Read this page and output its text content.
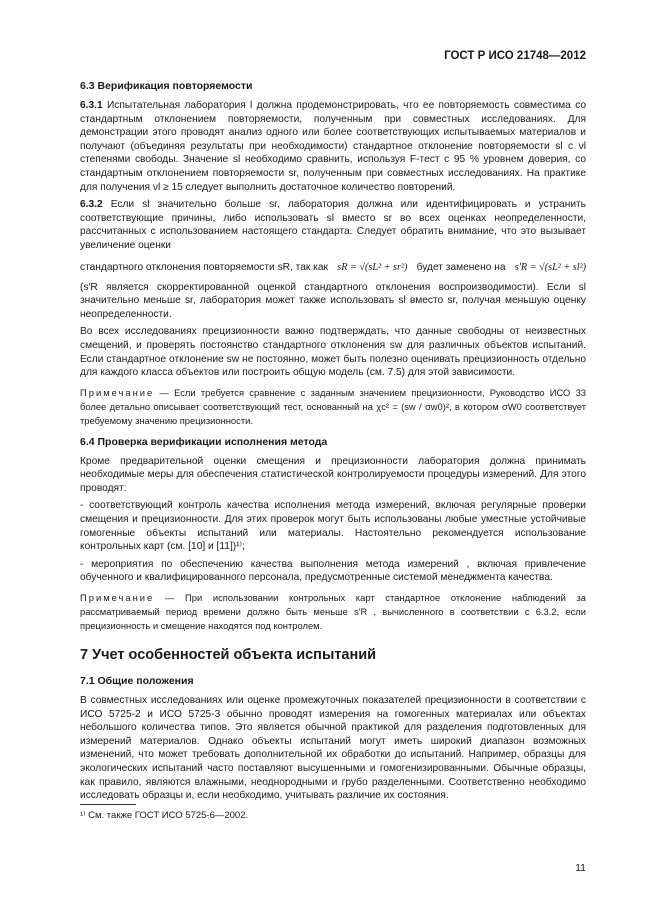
ГОСТ Р ИСО 21748—2012
6.3 Верификация повторяемости
6.3.1 Испытательная лаборатория l должна продемонстрировать, что ее повторяемость совместима со стандартным отклонением повторяемости, полученным при совместных исследованиях. Для демонстрации этого проводят анализ одного или более соответствующих испытываемых материалов и получают (объединяя результаты при необходимости) стандартное отклонение повторяемости sl с νl степенями свободы. Значение sl необходимо сравнить, используя F-тест с 95 % уровнем доверия, со стандартным отклонением повторяемости sr, полученным при совместных исследованиях. На практике для получения νl ≥ 15 следует выполнить достаточное количество повторений.
6.3.2 Если sl значительно больше sr, лаборатория должна или идентифицировать и устранить соответствующие причины, либо использовать sl вместо sr во всех оценках неопределенности, рассчитанных с использованием настоящего стандарта. Следует обратить внимание, что это вызывает увеличение оценки
стандартного отклонения повторяемости sR, так как sR = √(sL² + sr²) будет заменено на s′R = √(sL² + sl²)
(s′R является скорректированной оценкой стандартного отклонения воспроизводимости). Если sl значительно меньше sr, лаборатория может также использовать sl вместо sr, получая меньшую оценку неопределенности.
Во всех исследованиях прецизионности важно подтверждать, что данные свободны от неизвестных смещений, и проверять постоянство стандартного отклонения sw для различных объектов испытаний. Если стандартное отклонение sw не постоянно, может быть полезно оценивать прецизионность отдельно для каждого класса объектов или построить общую модель (см. 7.5) для этой зависимости.
Примечание — Если требуется сравнение с заданным значением прецизионности, Руководство ИСО 33 более детально описывает соответствующий тест, основанный на χc² = (sw / σw0)², в котором σW0 соответствует требуемому значению прецизионности.
6.4 Проверка верификации исполнения метода
Кроме предварительной оценки смещения и прецизионности лаборатория должна принимать необходимые меры для обеспечения статистической контролируемости процедуры измерений. Для этого проводят:
- соответствующий контроль качества исполнения метода измерений, включая регулярные проверки смещения и прецизионности. Для этих проверок могут быть использованы любые уместные устойчивые гомогенные объекты испытаний или материалы. Настоятельно рекомендуется использование контрольных карт (см. [10] и [11])¹⁾;
- мероприятия по обеспечению качества выполнения метода измерений , включая привлечение обученного и квалифицированного персонала, предусмотренные системой менеджмента качества.
Примечание — При использовании контрольных карт стандартное отклонение наблюдений за рассматриваемый период времени должно быть меньше s′R , вычисленного в соответствии с 6.3.2, если прецизионность и смещение находятся под контролем.
7 Учет особенностей объекта испытаний
7.1 Общие положения
В совместных исследованиях или оценке промежуточных показателей прецизионности в соответствии с ИСО 5725-2 и ИСО 5725-3 обычно проводят измерения на гомогенных материалах или объектах небольшого количества типов. Это является обычной практикой для разделения подготовленных для измерений материалов. Однако объекты испытаний могут иметь широкий диапазон возможных изменений, что может требовать дополнительной их обработки до испытаний. Например, образцы для экологических испытаний часто поставляют высушенными и гомогенизированными. Обычные образцы, как правило, являются влажными, неоднородными и грубо разделенными. Соответственно необходимо исследовать образцы и, если необходимо, учитывать различие их состояния.
¹⁾ См. также ГОСТ ИСО 5725-6—2002.
11
